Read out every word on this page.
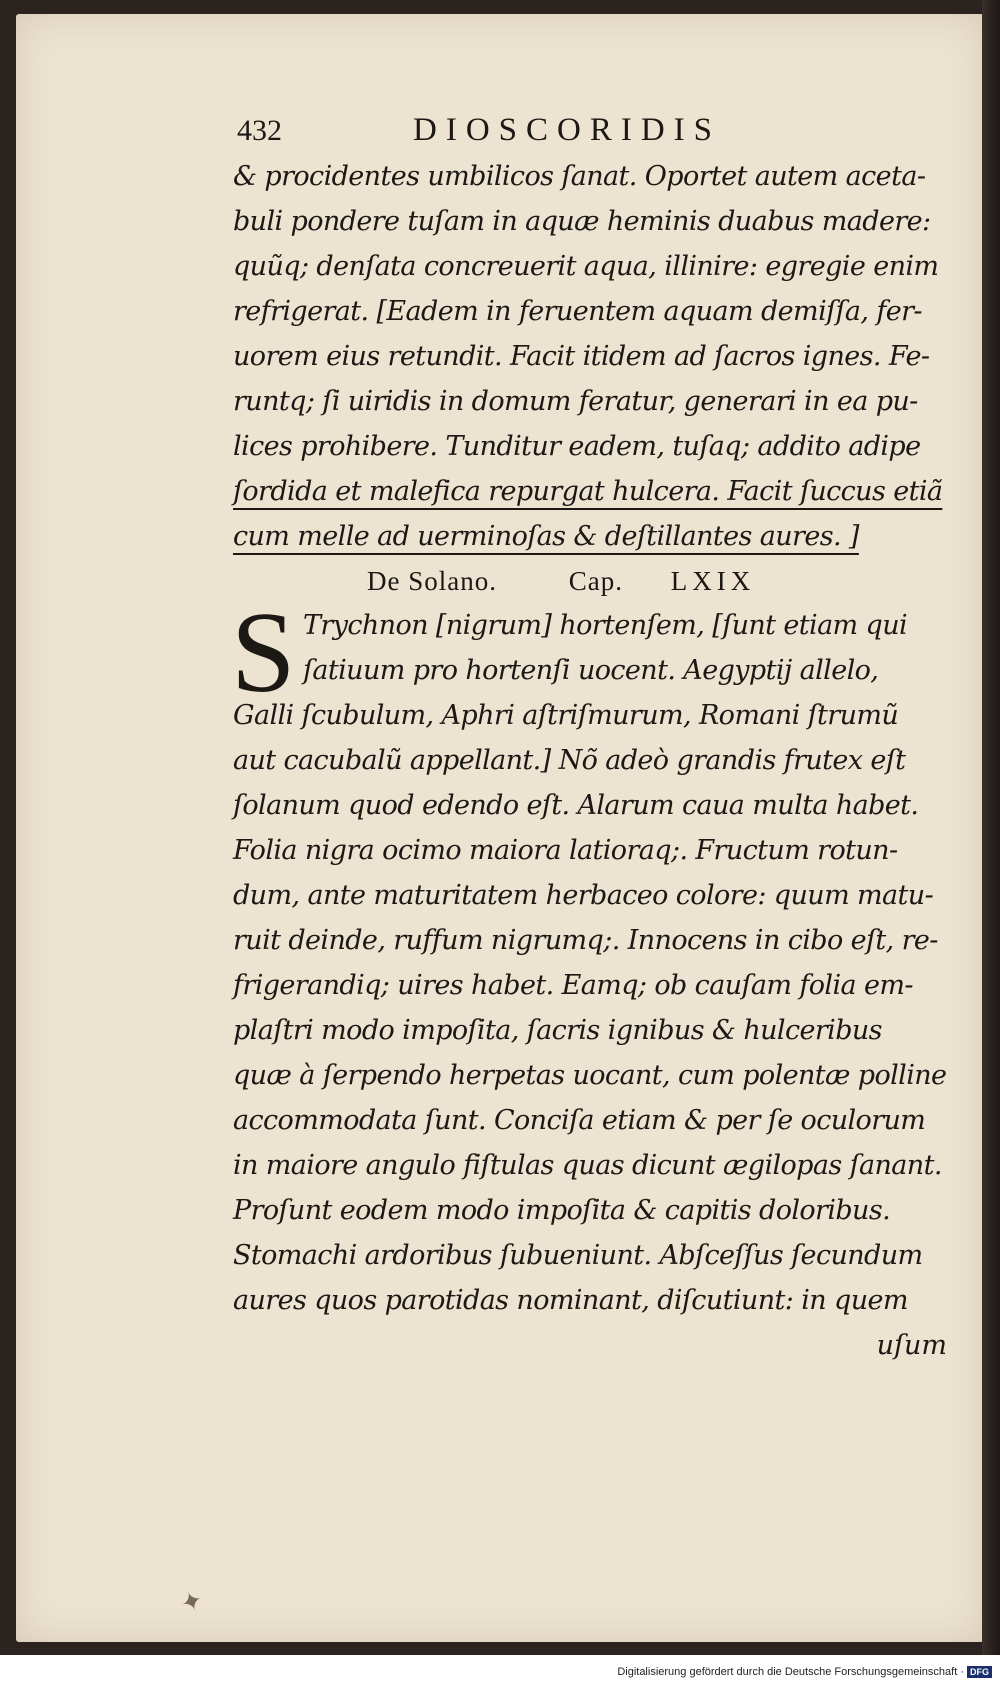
432	DIOSCORIDIS
& procidentes umbilicos ſanat. Oportet autem aceta-
buli pondere tuſam in aquæ heminis duabus madere:
quũq; denſata concreuerit aqua, illinire: egregie enim
refrigerat. [Eadem in feruentem aquam demiſſa, fer-
uorem eius retundit. Facit itidem ad ſacros ignes. Fe-
runtq; ſi uiridis in domum feratur, generari in ea pu-
lices prohibere. Tunditur eadem, tuſaq; addito adipe
ſordida et malefica repurgat hulcera. Facit ſuccus etiã
cum melle ad uerminoſas & deſtillantes aures. ]
De Solano.	Cap. LXIX
S Trychnon [nigrum] hortenſem, [ſunt etiam qui
ſatiuum pro hortenſi uocent. Aegyptij allelo,
Galli ſcubulum, Aphri aſtriſmurum, Romani ſtrumũ
aut cacubalũ appellant.] Nõ adeò grandis frutex eſt
ſolanum quod edendo eſt. Alarum caua multa habet.
Folia nigra ocimo maiora latioraq;. Fructum rotun-
dum, ante maturitatem herbaceo colore: quum matu-
ruit deinde, ruffum nigrumq;. Innocens in cibo eſt, re-
frigerandiq; uires habet. Eamq; ob cauſam folia em-
plaſtri modo impoſita, ſacris ignibus & hulceribus
quæ à ſerpendo herpetas uocant, cum polentæ polline
accommodata ſunt. Conciſa etiam & per ſe oculorum
in maiore angulo fiſtulas quas dicunt ægilopas ſanant.
Proſunt eodem modo impoſita & capitis doloribus.
Stomachi ardoribus ſubueniunt. Abſceſſus ſecundum
aures quos parotidas nominant, diſcutiunt: in quem
uſum
✦
Digitalisierung gefördert durch die Deutsche Forschungsgemeinschaft · DFG
